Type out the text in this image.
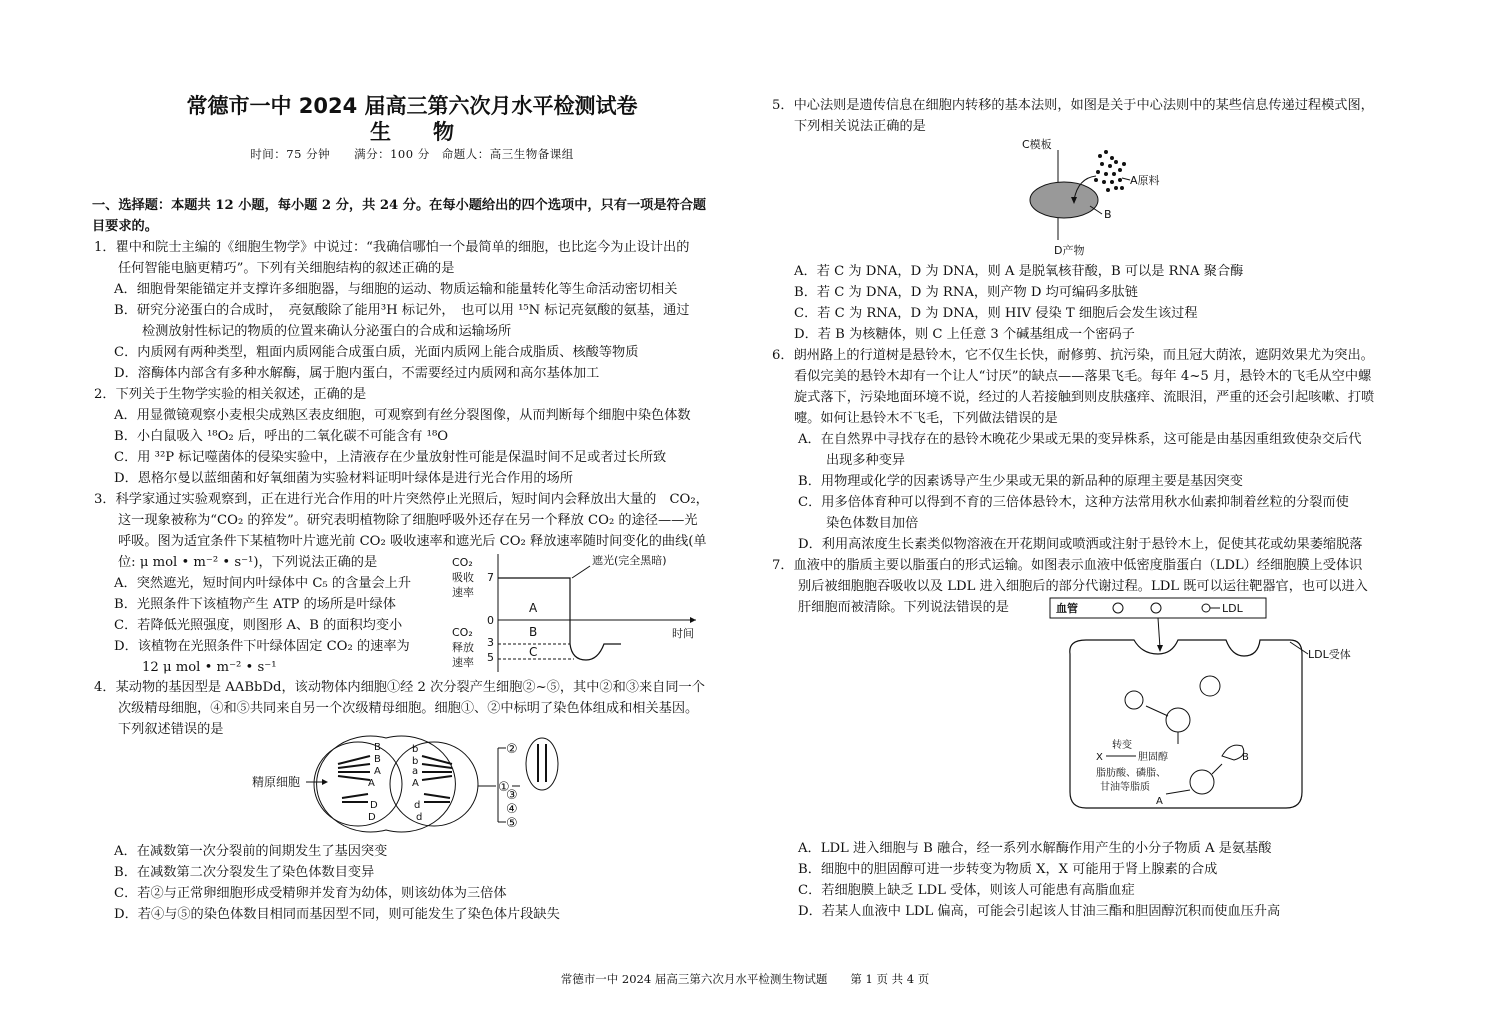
常德市一中 2024 届高三第六次月水平检测试卷
生　　物
时间：75 分钟　　满分：100 分　命题人：高三生物备课组
一、选择题：本题共 12 小题，每小题 2 分，共 24 分。在每小题给出的四个选项中，只有一项是符合题
目要求的。
1．瞿中和院士主编的《细胞生物学》中说过：“我确信哪怕一个最简单的细胞，也比迄今为止设计出的
任何智能电脑更精巧”。下列有关细胞结构的叙述正确的是
A．细胞骨架能锚定并支撑许多细胞器，与细胞的运动、物质运输和能量转化等生命活动密切相关
B．研究分泌蛋白的合成时，　亮氨酸除了能用³H 标记外，　也可以用 ¹⁵N 标记亮氨酸的氨基，通过
检测放射性标记的物质的位置来确认分泌蛋白的合成和运输场所
C．内质网有两种类型，粗面内质网能合成蛋白质，光面内质网上能合成脂质、核酸等物质
D．溶酶体内部含有多种水解酶，属于胞内蛋白，不需要经过内质网和高尔基体加工
2．下列关于生物学实验的相关叙述，正确的是
A．用显微镜观察小麦根尖成熟区表皮细胞，可观察到有丝分裂图像，从而判断每个细胞中染色体数
B．小白鼠吸入 ¹⁸O₂ 后，呼出的二氧化碳不可能含有 ¹⁸O
C．用 ³²P 标记噬菌体的侵染实验中，上清液存在少量放射性可能是保温时间不足或者过长所致
D．恩格尔曼以蓝细菌和好氧细菌为实验材料证明叶绿体是进行光合作用的场所
3．科学家通过实验观察到，正在进行光合作用的叶片突然停止光照后，短时间内会释放出大量的　CO₂，
这一现象被称为“CO₂ 的猝发”。研究表明植物除了细胞呼吸外还存在另一个释放 CO₂ 的途径——光
呼吸。图为适宜条件下某植物叶片遮光前 CO₂ 吸收速率和遮光后 CO₂ 释放速率随时间变化的曲线(单
位: μ mol • m⁻² • s⁻¹)，下列说法正确的是
A．突然遮光，短时间内叶绿体中 C₅ 的含量会上升
B．光照条件下该植物产生 ATP 的场所是叶绿体
C．若降低光照强度，则图形 A、B 的面积均变小
D．该植物在光照条件下叶绿体固定 CO₂ 的速率为
12 μ mol • m⁻² • s⁻¹
CO₂
吸收
速率
CO₂
释放
速率
7
0
3
5
遮光(完全黑暗)
时间
A
B
C
4．某动物的基因型是 AABbDd，该动物体内细胞①经 2 次分裂产生细胞②~⑤，其中②和③来自同一个
次级精母细胞，④和⑤共同来自另一个次级精母细胞。细胞①、②中标明了染色体组成和相关基因。
下列叙述错误的是
精原细胞
B
B
A
A
D
D
b
b
a
A
d
d
①
②
③
④
⑤
A．在减数第一次分裂前的间期发生了基因突变
B．在减数第二次分裂发生了染色体数目变异
C．若②与正常卵细胞形成受精卵并发育为幼体，则该幼体为三倍体
D．若④与⑤的染色体数目相同而基因型不同，则可能发生了染色体片段缺失
5．中心法则是遗传信息在细胞内转移的基本法则，如图是关于中心法则中的某些信息传递过程模式图，
下列相关说法正确的是
C模板
A原料
B
D产物
A．若 C 为 DNA，D 为 DNA，则 A 是脱氧核苷酸，B 可以是 RNA 聚合酶
B．若 C 为 DNA，D 为 RNA，则产物 D 均可编码多肽链
C．若 C 为 RNA，D 为 DNA，则 HIV 侵染 T 细胞后会发生该过程
D．若 B 为核糖体，则 C 上任意 3 个碱基组成一个密码子
6．朗州路上的行道树是悬铃木，它不仅生长快，耐修剪、抗污染，而且冠大荫浓，遮阴效果尤为突出。
看似完美的悬铃木却有一个让人“讨厌”的缺点——落果飞毛。每年 4~5 月，悬铃木的飞毛从空中螺
旋式落下，污染地面环境不说，经过的人若接触到则皮肤瘙痒、流眼泪，严重的还会引起咳嗽、打喷
嚏。如何让悬铃木不飞毛，下列做法错误的是
A．在自然界中寻找存在的悬铃木晚花少果或无果的变异株系，这可能是由基因重组致使杂交后代
出现多种变异
B．用物理或化学的因素诱导产生少果或无果的新品种的原理主要是基因突变
C．用多倍体育种可以得到不育的三倍体悬铃木，这种方法常用秋水仙素抑制着丝粒的分裂而使
染色体数目加倍
D．利用高浓度生长素类似物溶液在开花期间或喷洒或注射于悬铃木上，促使其花或幼果萎缩脱落
7．血液中的脂质主要以脂蛋白的形式运输。如图表示血液中低密度脂蛋白（LDL）经细胞膜上受体识
别后被细胞胞吞吸收以及 LDL 进入细胞后的部分代谢过程。LDL 既可以运往靶器官，也可以进入
肝细胞而被清除。下列说法错误的是	血管	LDL
LDL受体
转变
X	胆固醇	B
脂肪酸、磷脂、
甘油等脂质
A
A．LDL 进入细胞与 B 融合，经一系列水解酶作用产生的小分子物质 A 是氨基酸
B．细胞中的胆固醇可进一步转变为物质 X，X 可能用于肾上腺素的合成
C．若细胞膜上缺乏 LDL 受体，则该人可能患有高脂血症
D．若某人血液中 LDL 偏高，可能会引起该人甘油三酯和胆固醇沉积而使血压升高
常德市一中 2024 届高三第六次月水平检测生物试题　　第 1 页 共 4 页
